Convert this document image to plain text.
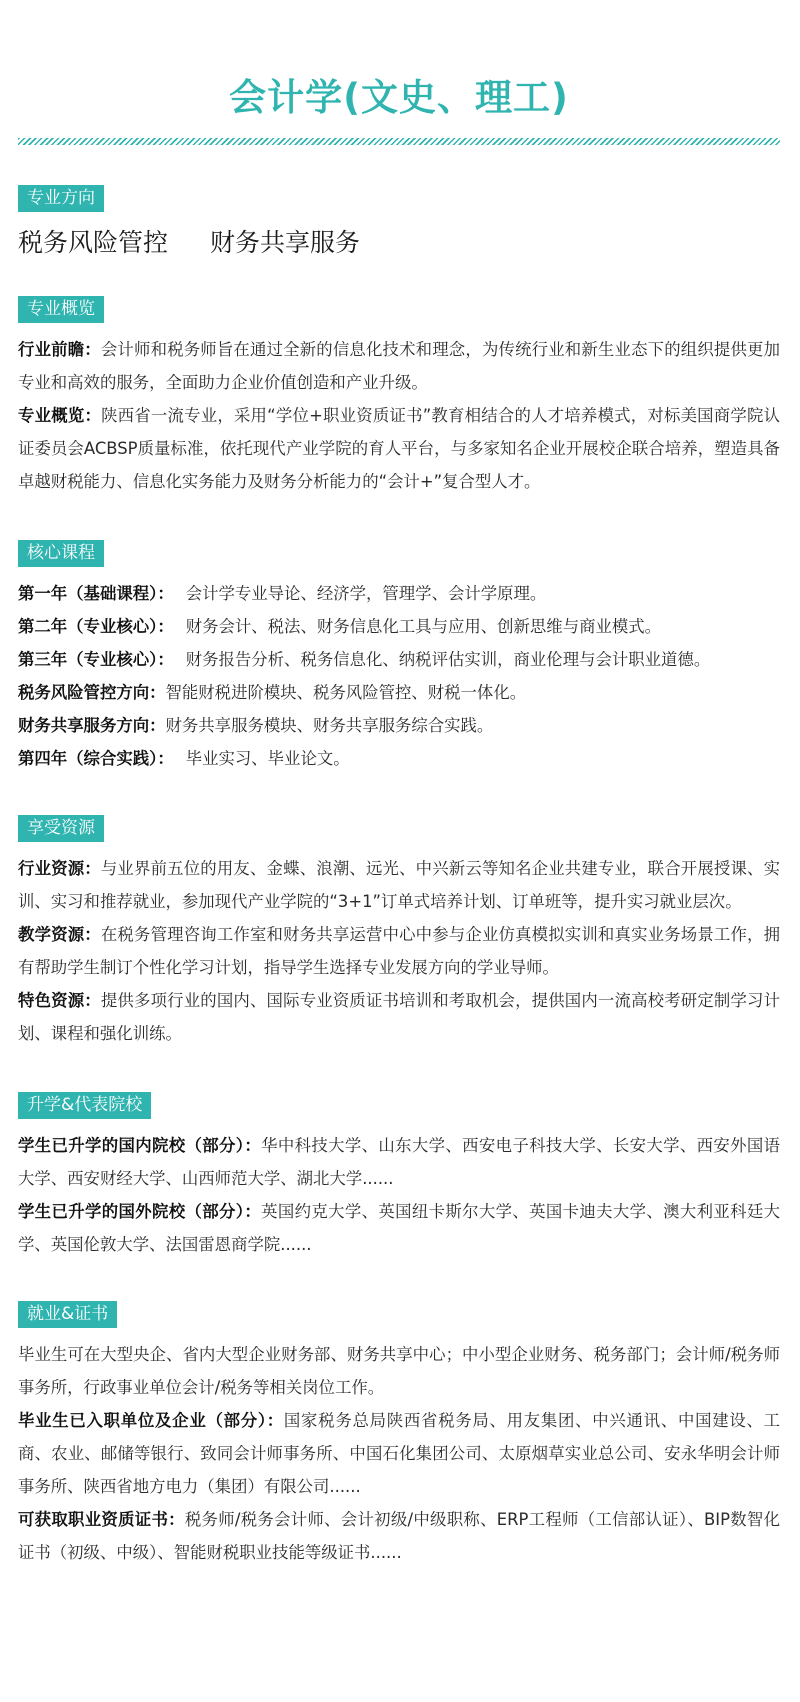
会计学(文史、理工)
专业方向
税务风险管控 财务共享服务
专业概览

行业前瞻：会计师和税务师旨在通过全新的信息化技术和理念，为传统行业和新生业态下的组织提供更加专业和高效的服务，全面助力企业价值创造和产业升级。

专业概览：陕西省一流专业，采用“学位+职业资质证书”教育相结合的人才培养模式，对标美国商学院认证委员会ACBSP质量标准，依托现代产业学院的育人平台，与多家知名企业开展校企联合培养，塑造具备卓越财税能力、信息化实务能力及财务分析能力的“会计+”复合型人才。

核心课程

第一年（基础课程）： 会计学专业导论、经济学，管理学、会计学原理。

第二年（专业核心）： 财务会计、税法、财务信息化工具与应用、创新思维与商业模式。

第三年（专业核心）： 财务报告分析、税务信息化、纳税评估实训，商业伦理与会计职业道德。

税务风险管控方向：智能财税进阶模块、税务风险管控、财税一体化。

财务共享服务方向：财务共享服务模块、财务共享服务综合实践。

第四年（综合实践）： 毕业实习、毕业论文。

享受资源

行业资源：与业界前五位的用友、金蝶、浪潮、远光、中兴新云等知名企业共建专业，联合开展授课、实训、实习和推荐就业，参加现代产业学院的“3+1”订单式培养计划、订单班等，提升实习就业层次。

教学资源：在税务管理咨询工作室和财务共享运营中心中参与企业仿真模拟实训和真实业务场景工作，拥有帮助学生制订个性化学习计划，指导学生选择专业发展方向的学业导师。

特色资源：提供多项行业的国内、国际专业资质证书培训和考取机会，提供国内一流高校考研定制学习计划、课程和强化训练。

升学&代表院校

学生已升学的国内院校（部分）：华中科技大学、山东大学、西安电子科技大学、长安大学、西安外国语大学、西安财经大学、山西师范大学、湖北大学......

学生已升学的国外院校（部分）：英国约克大学、英国纽卡斯尔大学、英国卡迪夫大学、澳大利亚科廷大学、英国伦敦大学、法国雷恩商学院......

就业&证书

毕业生可在大型央企、省内大型企业财务部、财务共享中心；中小型企业财务、税务部门；会计师/税务师事务所，行政事业单位会计/税务等相关岗位工作。

毕业生已入职单位及企业（部分）：国家税务总局陕西省税务局、用友集团、中兴通讯、中国建设、工商、农业、邮储等银行、致同会计师事务所、中国石化集团公司、太原烟草实业总公司、安永华明会计师事务所、陕西省地方电力（集团）有限公司......

可获取职业资质证书：税务师/税务会计师、会计初级/中级职称、ERP工程师（工信部认证）、BIP数智化证书（初级、中级）、智能财税职业技能等级证书......
